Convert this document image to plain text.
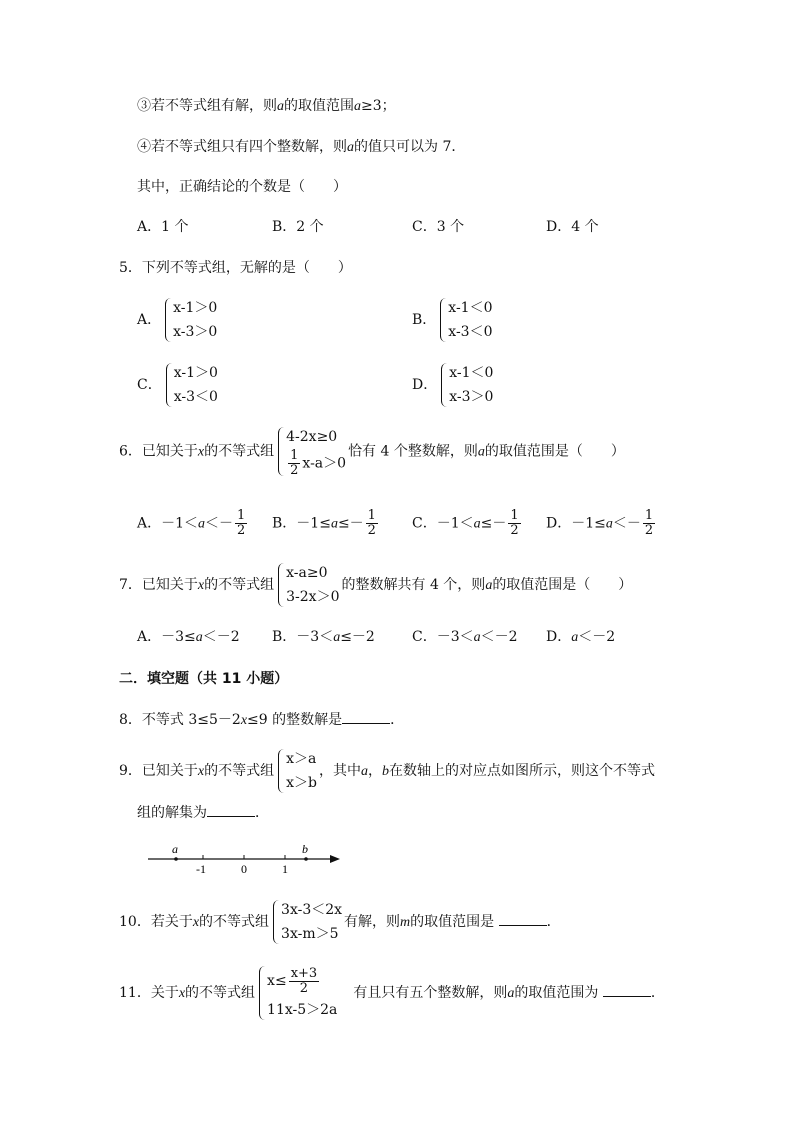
③若不等式组有解，则a的取值范围a≥3；
④若不等式组只有四个整数解，则a的值只可以为 7．
其中，正确结论的个数是（　　）
A．1 个	B．2 个	C．3 个	D．4 个
5．下列不等式组，无解的是（　　）
A．
x-1＞0
x-3＞0
B．
x-1＜0
x-3＜0
C．
x-1＞0
x-3＜0
D．
x-1＜0
x-3＞0
6．已知关于x的不等式组
4-2x≥0
$\frac{1}{2} x-a>0$
恰有 4 个整数解，则a的取值范围是（　　）
A．$-1<a<- \frac{1}{2}$ B．$-1\le a\le- \frac{1}{2}$ C．$-1<a\le- \frac{1}{2}$ D．$-1\le a<- \frac{1}{2}$
7．已知关于x的不等式组
x-a≥0
3-2x＞0
的整数解共有 4 个，则a的取值范围是（　　）
A．－3≤a＜－2 B．－3＜a≤－2	C．－3＜a＜－2 D．a＜－2
二．填空题（共 11 小题）
8．不等式 3≤5－2x≤9 的整数解是	．
9．已知关于x的不等式组
x＞a
x＞b
，其中a，b在数轴上的对应点如图所示，则这个不等式
组的解集为	．
a	b
-1	0	1
10．若关于x的不等式组
3x-3＜2x
3x-m＞5
有解，则m的取值范围是	．
11．关于x的不等式组
$x\le \frac{x+3}{2}$
11x-5＞2a
　有且只有五个整数解，则a的取值范围为	．
